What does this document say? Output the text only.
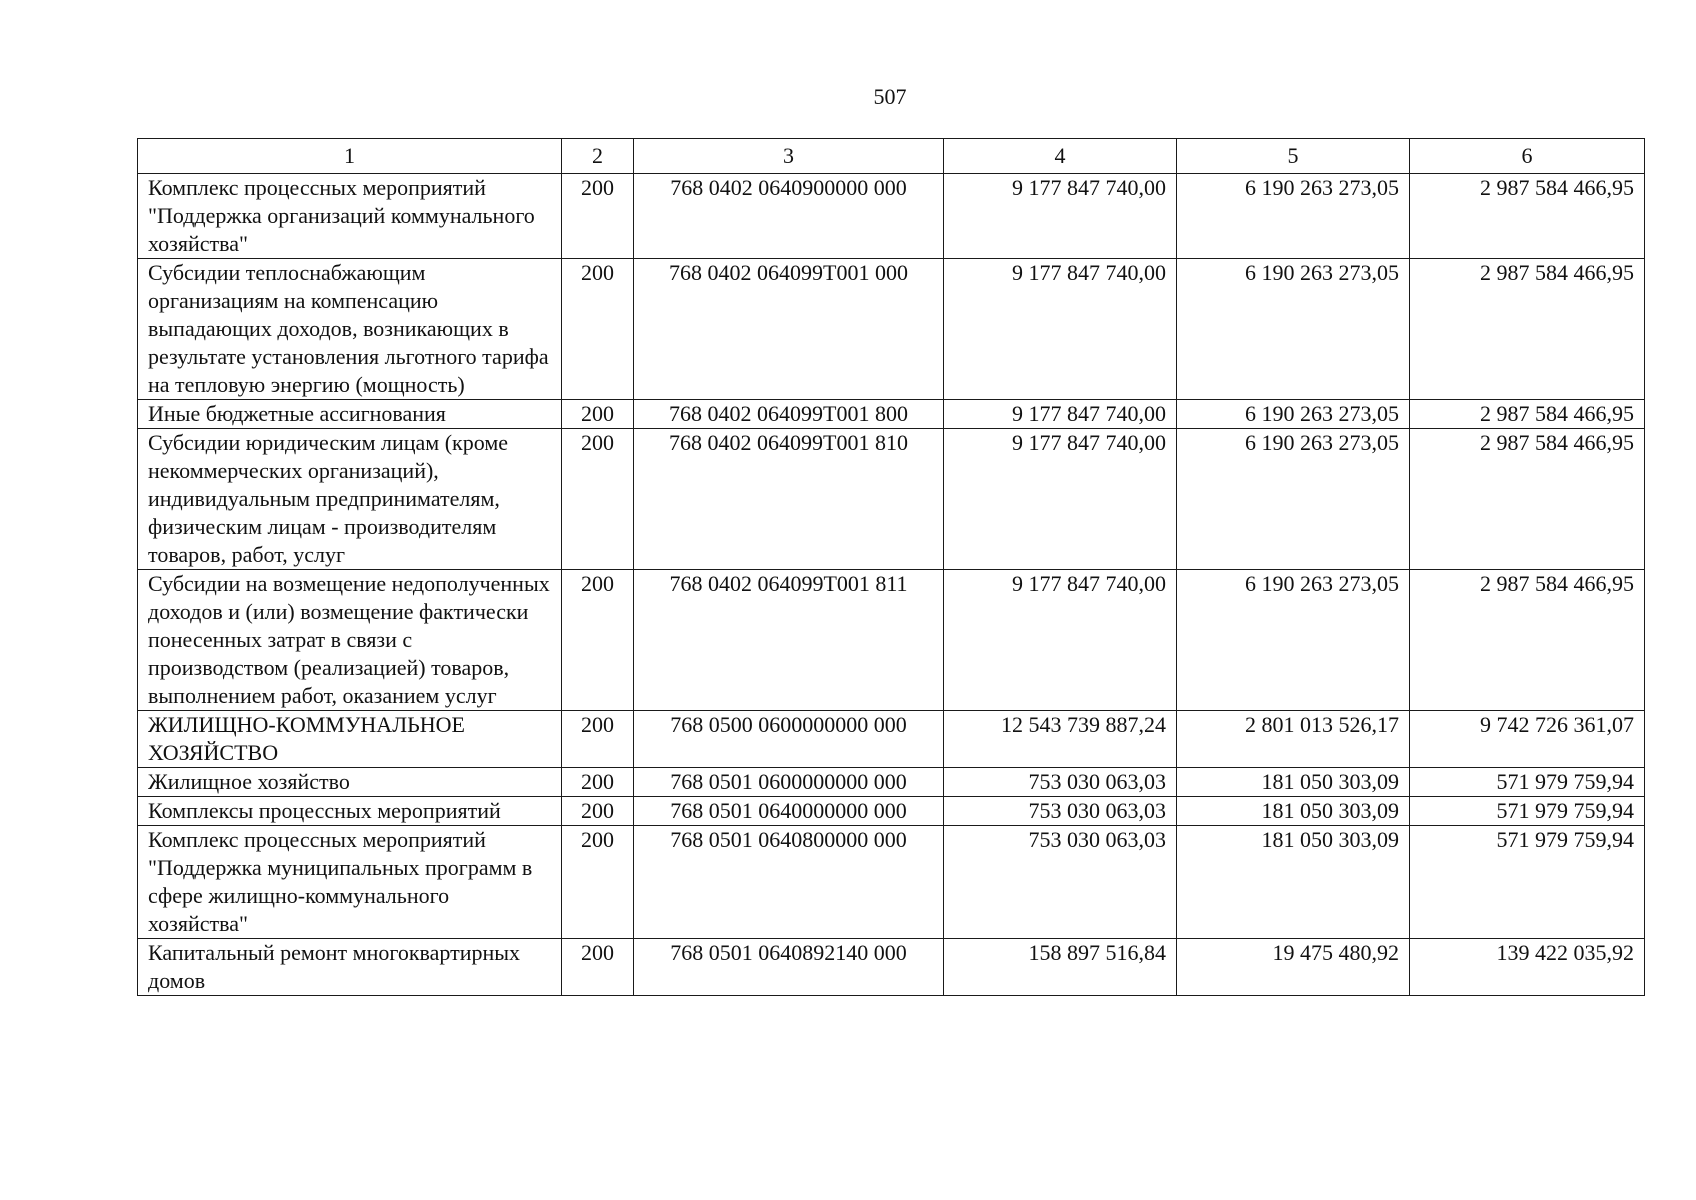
507
1	2	3	4	5	6
Комплекс процессных мероприятий "Поддержка организаций коммунального хозяйства"	200	768 0402 0640900000 000	9 177 847 740,00	6 190 263 273,05	2 987 584 466,95
Субсидии теплоснабжающим организациям на компенсацию выпадающих доходов, возникающих в результате установления льготного тарифа на тепловую энергию (мощность)	200	768 0402 064099Т001 000	9 177 847 740,00	6 190 263 273,05	2 987 584 466,95
Иные бюджетные ассигнования	200	768 0402 064099Т001 800	9 177 847 740,00	6 190 263 273,05	2 987 584 466,95
Субсидии юридическим лицам (кроме некоммерческих организаций), индивидуальным предпринимателям, физическим лицам - производителям товаров, работ, услуг	200	768 0402 064099Т001 810	9 177 847 740,00	6 190 263 273,05	2 987 584 466,95
Субсидии на возмещение недополученных доходов и (или) возмещение фактически понесенных затрат в связи с производством (реализацией) товаров, выполнением работ, оказанием услуг	200	768 0402 064099Т001 811	9 177 847 740,00	6 190 263 273,05	2 987 584 466,95
ЖИЛИЩНО-КОММУНАЛЬНОЕ ХОЗЯЙСТВО	200	768 0500 0600000000 000	12 543 739 887,24	2 801 013 526,17	9 742 726 361,07
Жилищное хозяйство	200	768 0501 0600000000 000	753 030 063,03	181 050 303,09	571 979 759,94
Комплексы процессных мероприятий	200	768 0501 0640000000 000	753 030 063,03	181 050 303,09	571 979 759,94
Комплекс процессных мероприятий "Поддержка муниципальных программ в сфере жилищно-коммунального хозяйства"	200	768 0501 0640800000 000	753 030 063,03	181 050 303,09	571 979 759,94
Капитальный ремонт многоквартирных домов	200	768 0501 0640892140 000	158 897 516,84	19 475 480,92	139 422 035,92
